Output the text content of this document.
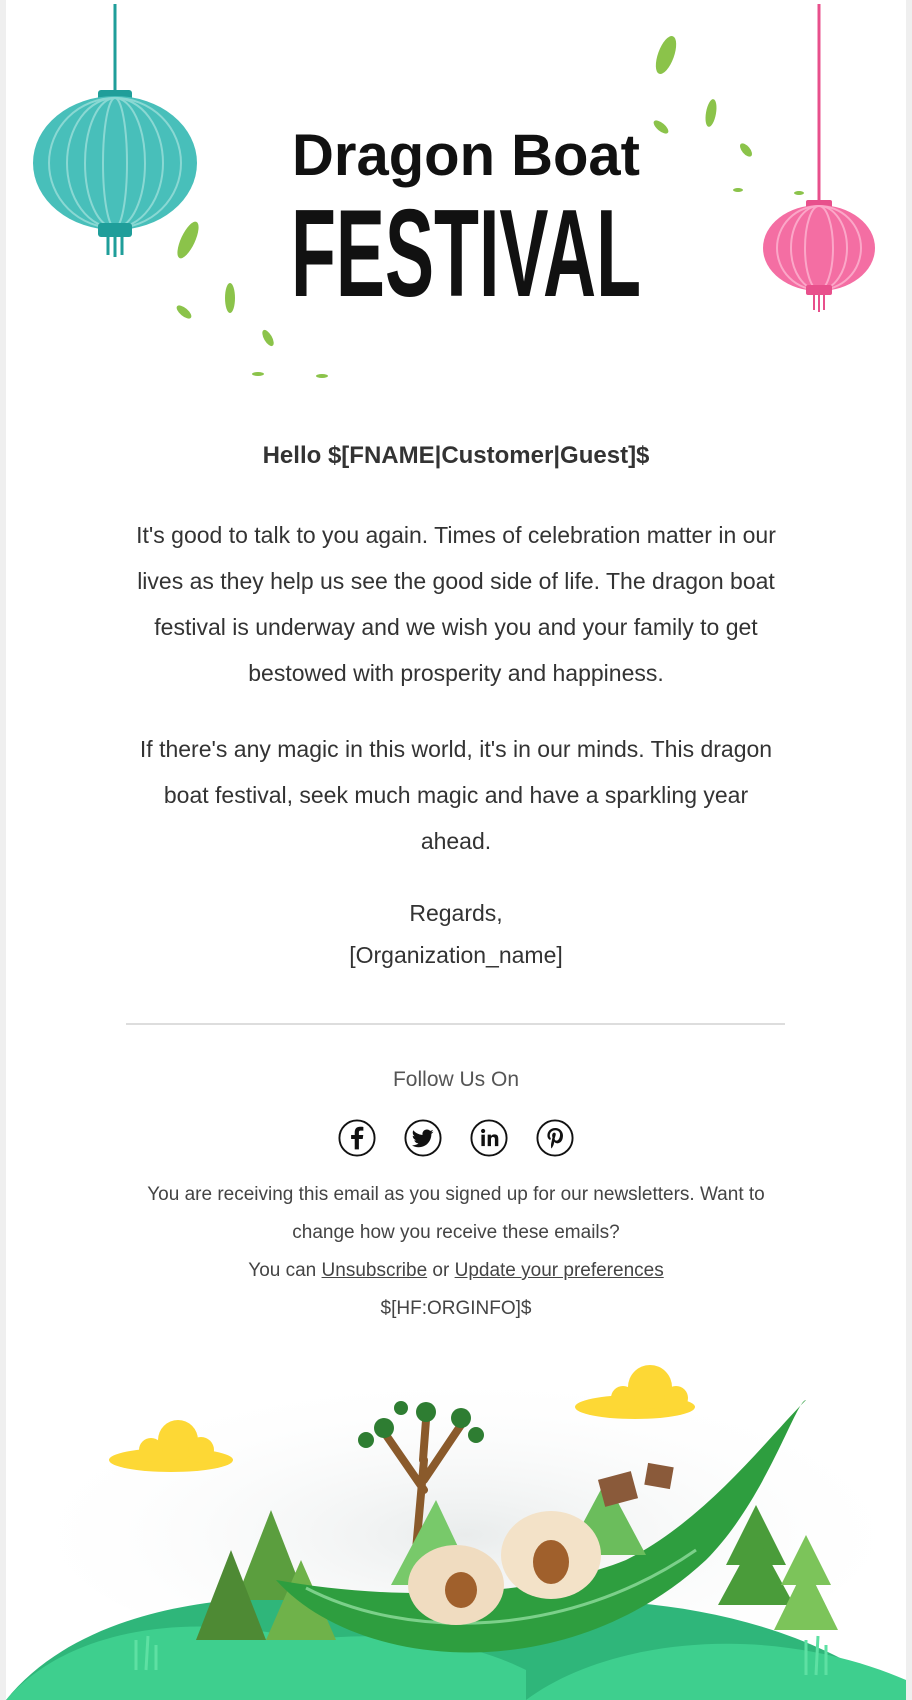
Dragon Boat
FESTIVAL
Hello $[FNAME|Customer|Guest]$
It's good to talk to you again. Times of celebration matter in our lives as they help us see the good side of life. The dragon boat festival is underway and we wish you and your family to get bestowed with prosperity and happiness.
If there's any magic in this world, it's in our minds. This dragon boat festival, seek much magic and have a sparkling year ahead.
Regards,
[Organization_name]
Follow Us On
You are receiving this email as you signed up for our newsletters. Want to change how you receive these emails?
You can Unsubscribe or Update your preferences
$[HF:ORGINFO]$
